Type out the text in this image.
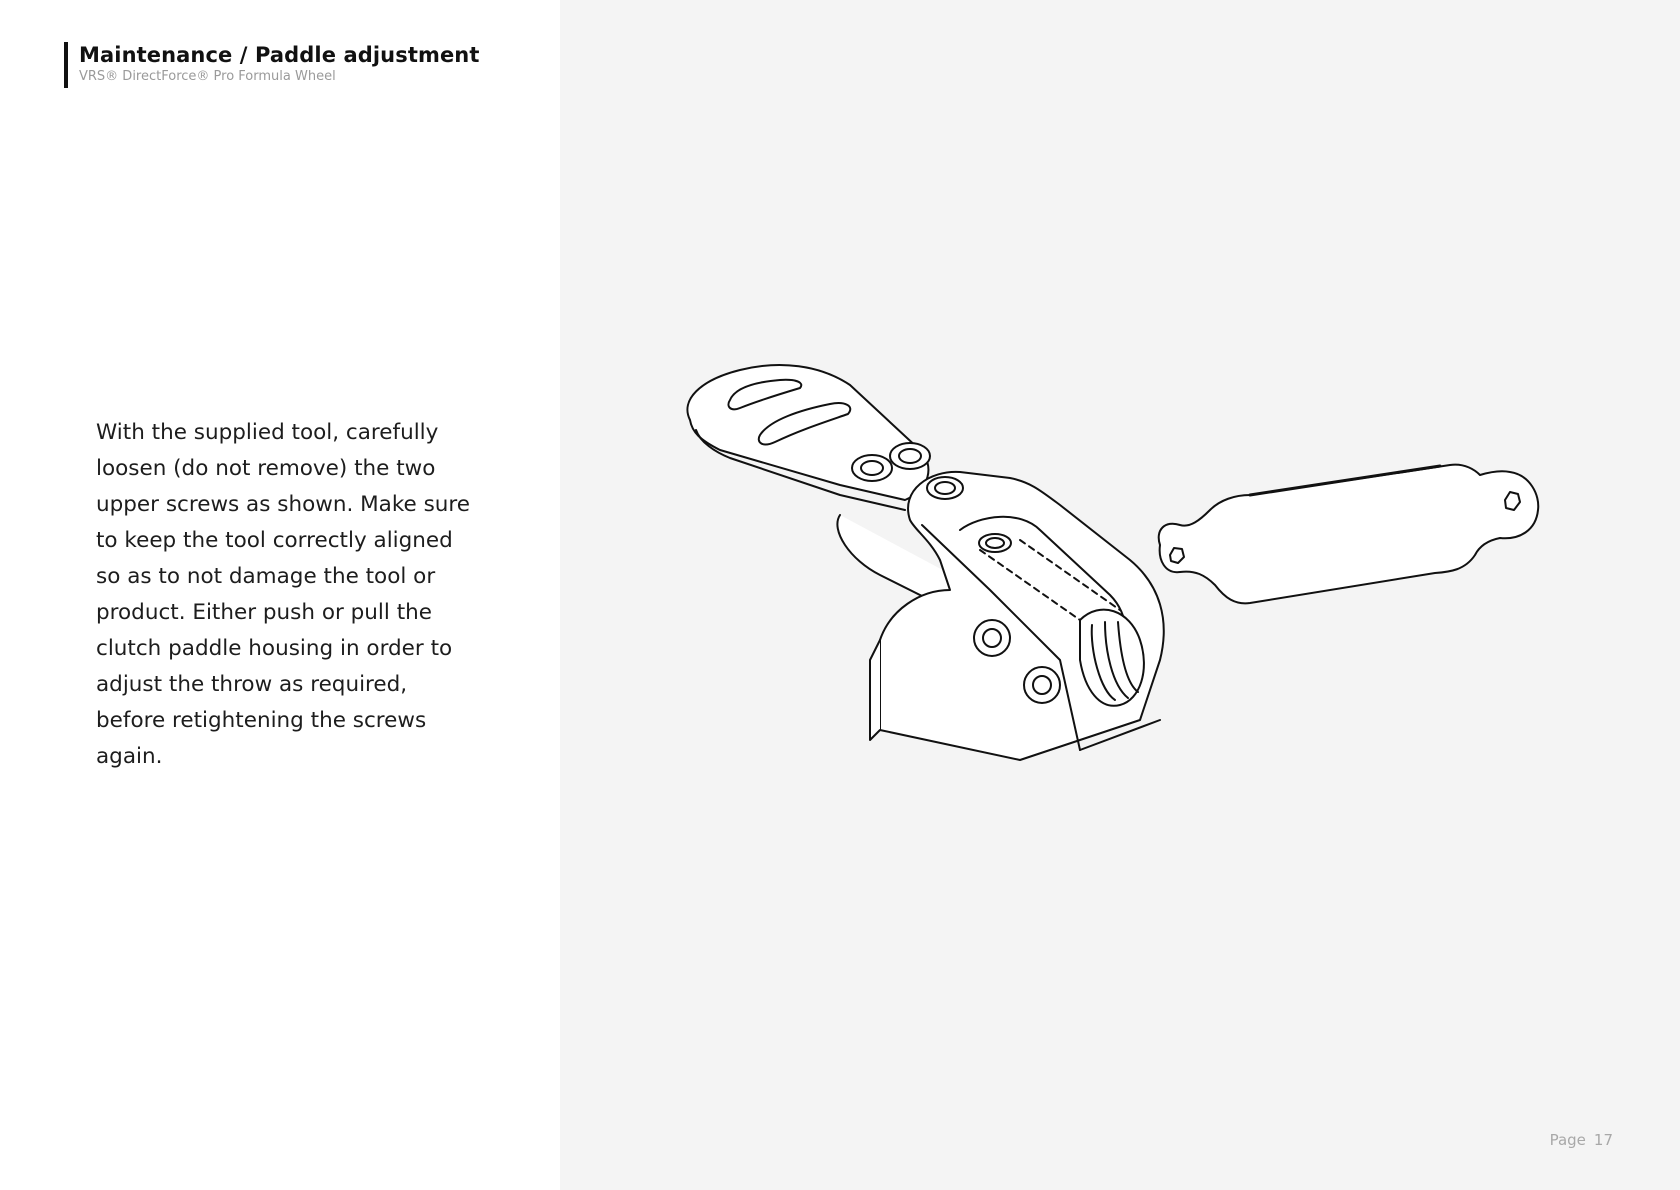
Maintenance / Paddle adjustment
VRS® DirectForce® Pro Formula Wheel

With the supplied tool, carefully loosen (do not remove) the two upper screws as shown. Make sure to keep the tool correctly aligned so as to not damage the tool or product. Either push or pull the clutch paddle housing in order to adjust the throw as required, before retightening the screws again.

Page 17
